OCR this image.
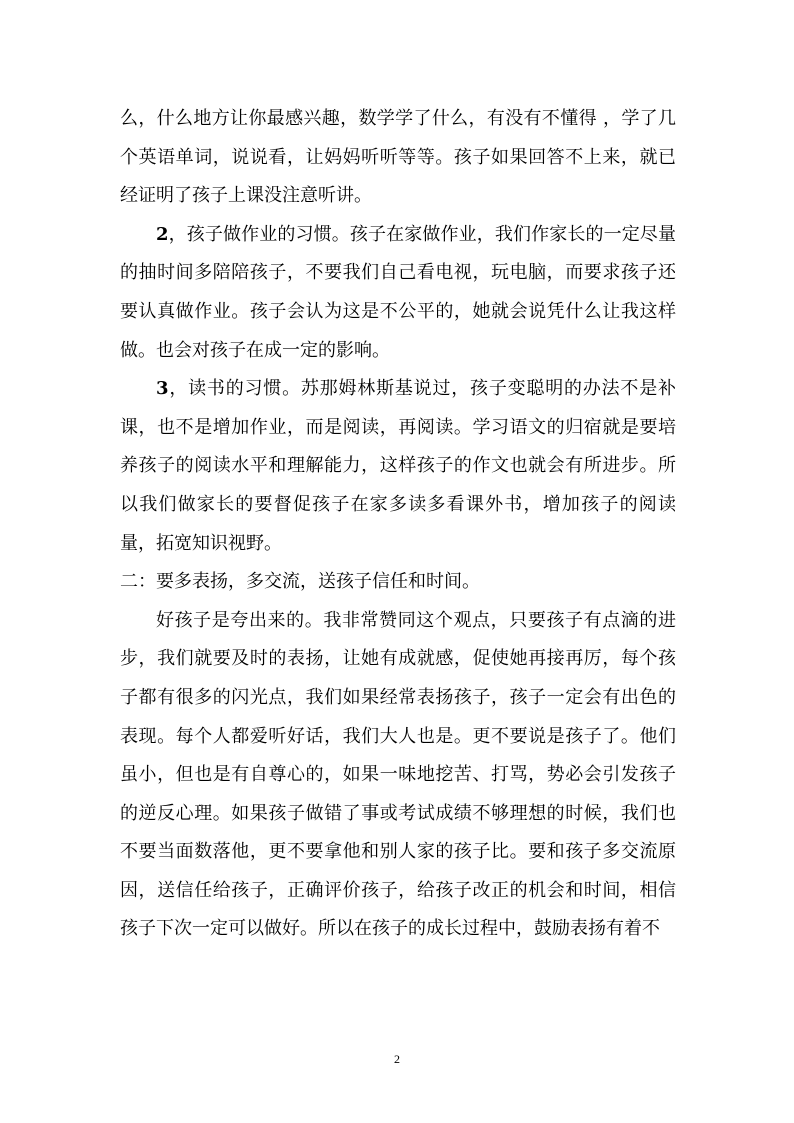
么，什么地方让你最感兴趣，数学学了什么，有没有不懂得 ，学了几个英语单词，说说看，让妈妈听听等等。孩子如果回答不上来，就已经证明了孩子上课没注意听讲。

2，孩子做作业的习惯。孩子在家做作业，我们作家长的一定尽量的抽时间多陪陪孩子，不要我们自己看电视，玩电脑，而要求孩子还要认真做作业。孩子会认为这是不公平的，她就会说凭什么让我这样做。也会对孩子在成一定的影响。

3，读书的习惯。苏那姆林斯基说过，孩子变聪明的办法不是补课，也不是增加作业，而是阅读，再阅读。学习语文的归宿就是要培养孩子的阅读水平和理解能力，这样孩子的作文也就会有所进步。所以我们做家长的要督促孩子在家多读多看课外书，增加孩子的阅读量，拓宽知识视野。

二：要多表扬，多交流，送孩子信任和时间。

好孩子是夸出来的。我非常赞同这个观点，只要孩子有点滴的进步，我们就要及时的表扬，让她有成就感，促使她再接再厉，每个孩子都有很多的闪光点，我们如果经常表扬孩子，孩子一定会有出色的表现。每个人都爱听好话，我们大人也是。更不要说是孩子了。他们虽小，但也是有自尊心的，如果一味地挖苦、打骂，势必会引发孩子的逆反心理。如果孩子做错了事或考试成绩不够理想的时候，我们也不要当面数落他，更不要拿他和别人家的孩子比。要和孩子多交流原因，送信任给孩子，正确评价孩子，给孩子改正的机会和时间，相信孩子下次一定可以做好。所以在孩子的成长过程中，鼓励表扬有着不

2
